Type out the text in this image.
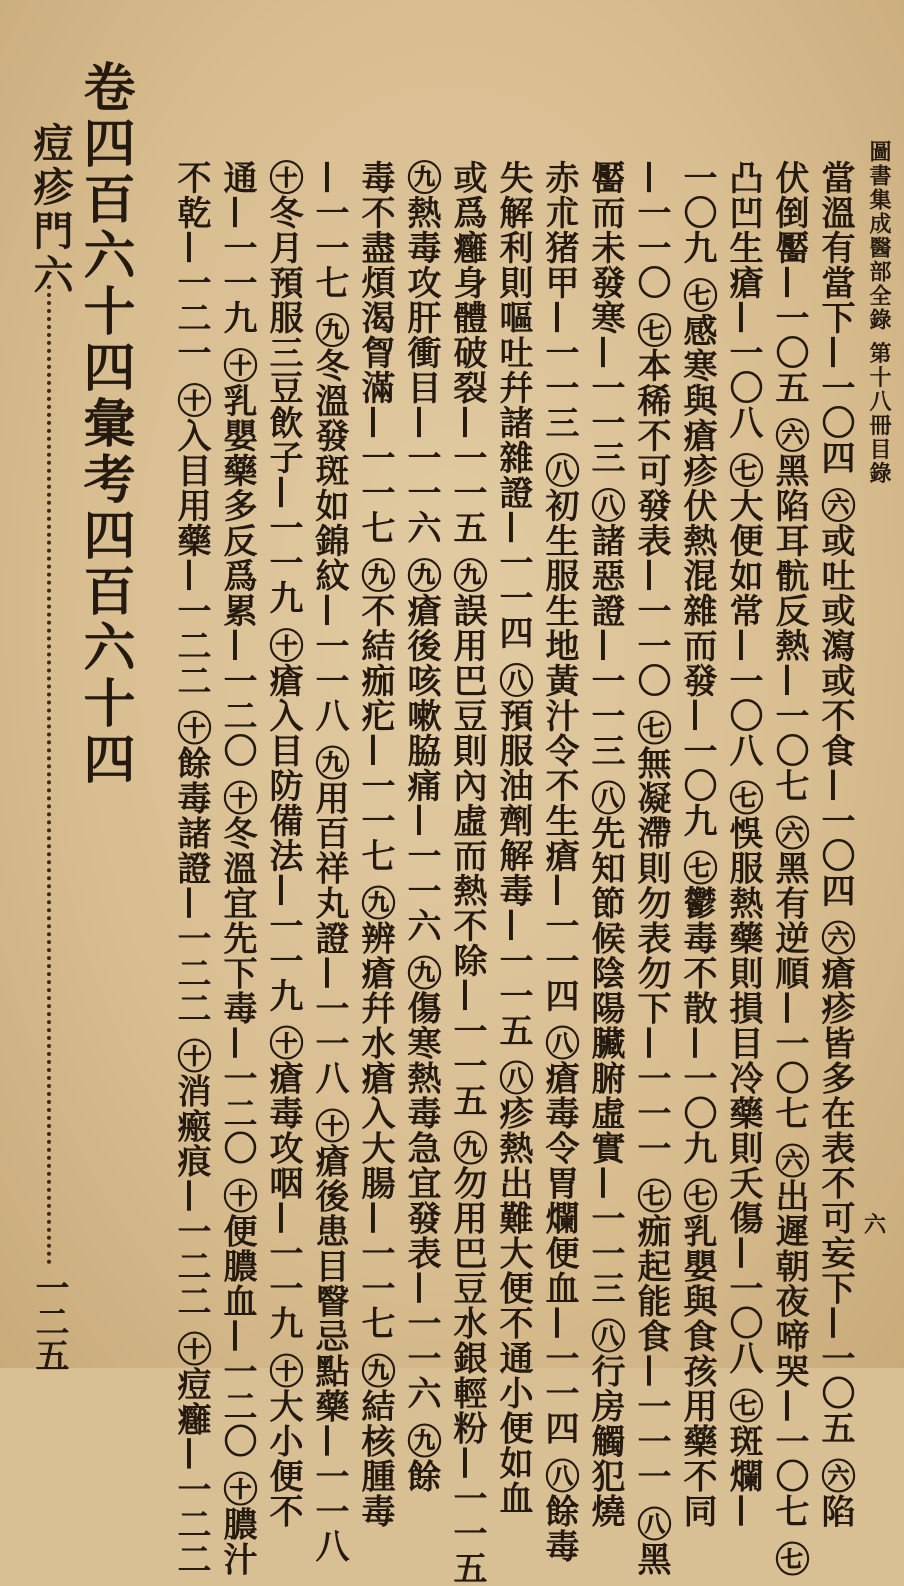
圖書集成醫部全錄 第十八冊目錄
六
當溫有當下—一〇四 ㊅或吐或瀉或不食—一〇四 ㊅瘡疹皆多在表不可妄下—一〇五 ㊅陷
伏倒靨—一〇五 ㊅黑陷耳骯反熱—一〇七 ㊅黑有逆順—一〇七 ㊅出遲朝夜啼哭—一〇七 ㊆
凸凹生瘡—一〇八 ㊆大便如常—一〇八 ㊆悞服熱藥則損目冷藥則夭傷—一〇八 ㊆斑爛—
一〇九 ㊆感寒與瘡疹伏熱混雜而發—一〇九 ㊆鬱毒不散—一〇九 ㊆乳嬰與食孩用藥不同
—一一〇 ㊆本稀不可發表—一一〇 ㊆無凝滯則勿表勿下—一一一 ㊆痂起能食—一一一 ㊇黑
靨而未發寒—一一三 ㊇諸惡證—一一三 ㊇先知節候陰陽臟腑虛實—一一三 ㊇行房觸犯燒
赤朮猪甲—一一三 ㊇初生服生地黃汁令不生瘡—一一四 ㊇瘡毒令胃爛便血—一一四 ㊇餘毒
失解利則嘔吐幷諸雜證—一一四 ㊇預服油劑解毒—一一五 ㊇疹熱出難大便不通小便如血
或爲癰身體破裂—一一五 ㊈誤用巴豆則內虛而熱不除—一一五 ㊈勿用巴豆水銀輕粉—一一五
㊈熱毒攻肝衝目—一一六 ㊈瘡後咳嗽脇痛—一一六 ㊈傷寒熱毒急宜發表—一一六 ㊈餘
毒不盡煩渴胷滿—一一七 ㊈不結痂疕—一一七 ㊈辨瘡幷水瘡入大腸—一一七 ㊈結核腫毒
—一一七 ㊈冬溫發斑如錦紋—一一八 ㊈用百祥丸證—一一八 ㊉瘡後患目瞖忌點藥—一一八
㊉冬月預服三豆飲子—一一九 ㊉瘡入目防備法—一一九 ㊉瘡毒攻咽—一一九 ㊉大小便不
通—一一九 ㊉乳嬰藥多反爲累—一二〇 ㊉冬溫宜先下毒—一二〇 ㊉便膿血—一二〇 ㊉膿汁
不乾—一二一 ㊉入目用藥—一二二 ㊉餘毒諸證—一二二 ㊉消瘢痕—一二二 ㊉痘癰—一二二
卷四百六十四彙考四百六十四
痘疹門六
一二五
